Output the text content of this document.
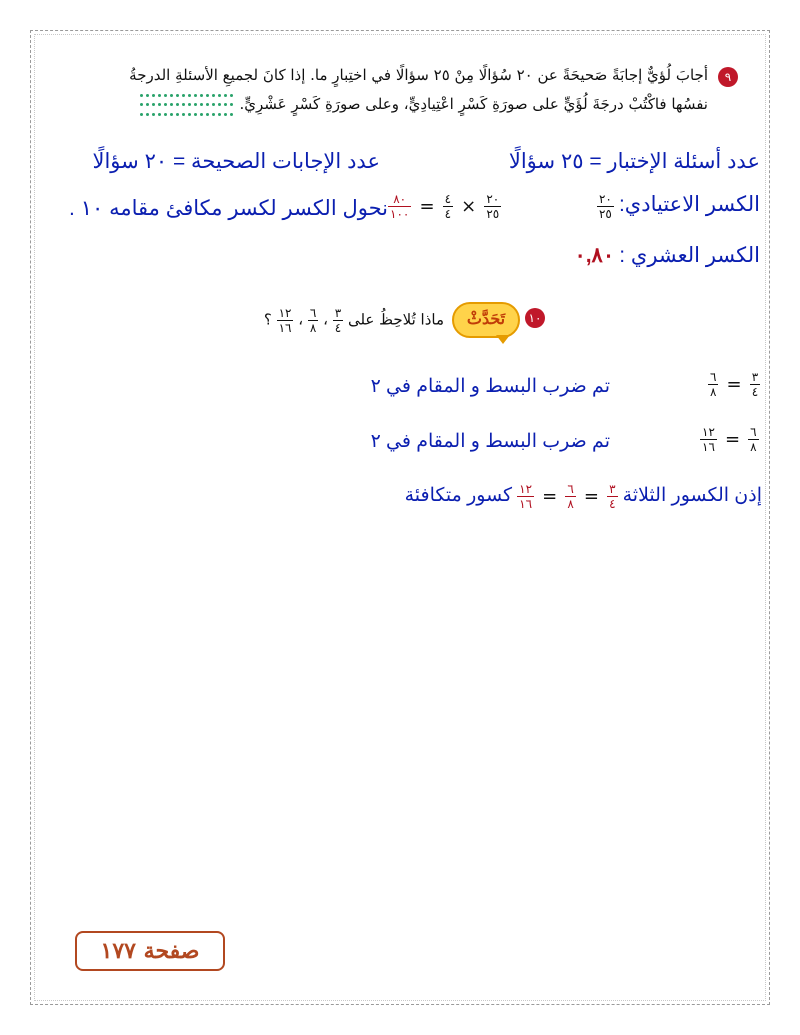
٩
أجابَ لُؤيٌّ إجابَةً صَحيحَةً عن ٢٠ سُؤالًا مِنْ ٢٥ سؤالًا في اختِبارٍ ما. إذا كانَ لجميعِ الأسئلةِ الدرجةُ
نفسُها فاكْتُبْ درجَةَ لُؤَيٍّ على صورَةِ كَسْرٍ اعْتِيادِيٍّ، وعلى صورَةِ كَسْرٍ عَشْرِيٍّ.
عدد أسئلة الإختبار = ٢٥ سؤالًا
عدد الإجابات الصحيحة = ٢٠ سؤالًا
الكسر الاعتيادي:
$\frac{٢٠}{٢٥}$
$\frac{٨٠}{١٠٠} = \frac{٤}{٤} \times \frac{٢٠}{٢٥}$
نحول الكسر لكسر مكافئ مقامه ١٠ .
الكسر العشري : ٠,٨٠
١٠
تَحَدَّثْ
ماذا تُلاحِظُ على
$\frac{٣}{٤}$
،
$\frac{٦}{٨}$
،
$\frac{١٢}{١٦}$
؟
$\frac{٦}{٨} = \frac{٣}{٤}$
تم ضرب البسط و المقام في ٢
$\frac{١٢}{١٦} = \frac{٦}{٨}$
تم ضرب البسط و المقام في ٢
إذن الكسور الثلاثة
$\frac{١٢}{١٦} = \frac{٦}{٨} = \frac{٣}{٤}$
كسور متكافئة
صفحة ١٧٧
